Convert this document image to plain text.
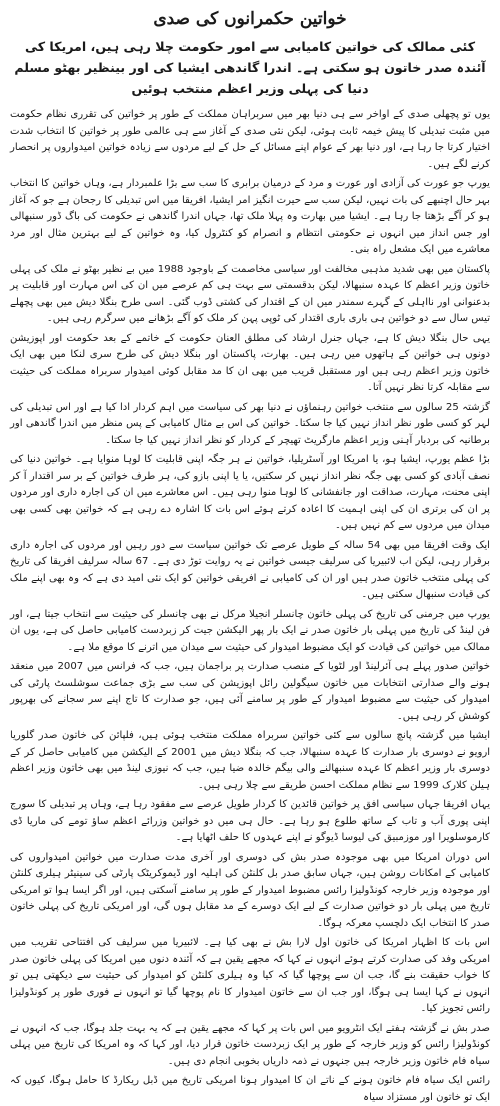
خواتین حکمرانوں کی صدی
کئی ممالک کی خواتین کامیابی سے امور حکومت چلا رہی ہیں، امریکا کی آئندہ صدر خاتون ہو سکتی ہے۔ اندرا گاندھی ایشیا کی اور بینظیر بھٹو مسلم دنیا کی پہلی وزیر اعظم منتخب ہوئیں

یوں تو پچھلی صدی کے اواخر سے ہی دنیا بھر میں سربراہان مملکت کے طور پر خواتین کی تقرری نظام حکومت میں مثبت تبدیلی کا پیش خیمہ ثابت ہوئی، لیکن نئی صدی کے آغاز سے ہی عالمی طور پر خواتین کا انتخاب شدت اختیار کرتا جا رہا ہے، اور دنیا بھر کے عوام اپنے مسائل کے حل کے لیے مردوں سے زیادہ خواتین امیدواروں پر انحصار کرنے لگے ہیں۔

یورپ جو عورت کی آزادی اور عورت و مرد کے درمیان برابری کا سب سے بڑا علمبردار ہے، وہاں خواتین کا انتخاب بہر حال اچنبھے کی بات نہیں، لیکن سب سے حیرت انگیز امر ایشیا، افریقا میں اس تبدیلی کا رجحان ہے جو کہ آغاز ہو کر آگے بڑھتا جا رہا ہے۔ ایشیا میں بھارت وہ پہلا ملک تھا، جہاں اندرا گاندھی نے حکومت کی باگ ڈور سنبھالی اور جس انداز میں انہوں نے حکومتی انتظام و انصرام کو کنٹرول کیا، وہ خواتین کے لیے بہترین مثال اور مرد معاشرے میں ایک مشعل راہ بنی۔

پاکستان میں بھی شدید مذہبی مخالفت اور سیاسی مخاصمت کے باوجود 1988 میں بے نظیر بھٹو نے ملک کی پہلی خاتون وزیر اعظم کا عہدہ سنبھالا، لیکن بدقسمتی سے بہت ہی کم عرصے میں ان کی اس مہارت اور قابلیت پر بدعنوانی اور نااہلی کے گہرے سمندر میں ان کے اقتدار کی کشتی ڈوب گئی۔ اسی طرح بنگلا دیش میں بھی پچھلے تیس سال سے دو خواتین ہی باری باری اقتدار کی ٹوپی پہن کر ملک کو آگے بڑھانے میں سرگرم رہی ہیں۔

یہی حال بنگلا دیش کا ہے، جہاں جنرل ارشاد کی مطلق العنان حکومت کے خاتمے کے بعد حکومت اور اپوزیشن دونوں ہی خواتین کے ہاتھوں میں رہی ہیں۔ بھارت، پاکستان اور بنگلا دیش کی طرح سری لنکا میں بھی ایک خاتون وزیر اعظم رہی ہیں اور مستقبل قریب میں بھی ان کا مد مقابل کوئی امیدوار سربراہ مملکت کی حیثیت سے مقابلہ کرتا نظر نہیں آتا۔

گزشتہ 25 سالوں سے منتخب خواتین رہنماؤں نے دنیا بھر کی سیاست میں اہم کردار ادا کیا ہے اور اس تبدیلی کی لہر کو کسی طور نظر انداز نہیں کیا جا سکتا۔ خواتین کی اس بے مثال کامیابی کے پس منظر میں اندرا گاندھی اور برطانیہ کی بردبار آہنی وزیر اعظم مارگریٹ تھیچر کے کردار کو نظر انداز نہیں کیا جا سکتا۔

بڑا عظم یورپ، ایشیا ہو، یا امریکا اور آسٹریلیا، خواتین نے ہر جگہ اپنی قابلیت کا لوہا منوایا ہے۔ خواتین دنیا کی نصف آبادی کو کسی بھی جگہ نظر انداز نہیں کر سکتیں، یا یا اپنی بازو کی، ہر طرف خواتین کے بر سر اقتدار آ کر اپنی محنت، مہارت، صداقت اور جانفشانی کا لوہا منوا رہی ہیں۔ اس معاشرے میں ان کی اجارہ داری اور مردوں پر ان کی برتری ان کی اپنی اہمیت کا اعادہ کرتے ہوئے اس بات کا اشارہ دے رہی ہے کہ خواتین بھی کسی بھی میدان میں مردوں سے کم نہیں ہیں۔

ایک وقت افریقا میں بھی 54 سالہ کے طویل عرصے تک خواتین سیاست سے دور رہیں اور مردوں کی اجارہ داری برقرار رہی، لیکن اب لائبیریا کی سرلیف جیسی خواتین نے یہ روایت توڑ دی ہے۔ 67 سالہ سرلیف افریقا کی تاریخ کی پہلی منتخب خاتون صدر ہیں اور ان کی کامیابی نے افریقی خواتین کو ایک نئی امید دی ہے کہ وہ بھی اپنے ملک کی قیادت سنبھال سکتی ہیں۔

یورپ میں جرمنی کی تاریخ کی پہلی خاتون چانسلر انجیلا مرکل نے بھی چانسلر کی حیثیت سے انتخاب جیتا ہے، اور فن لینڈ کی تاریخ میں پہلی بار خاتون صدر نے ایک بار پھر الیکشن جیت کر زبردست کامیابی حاصل کی ہے، یوں ان ممالک میں خواتین کی قیادت کو ایک مضبوط امیدوار کی حیثیت سے میدان میں اترنے کا موقع ملا ہے۔

خواتین صدور پہلے ہی آئرلینڈ اور لٹویا کے منصب صدارت پر براجمان ہیں، جب کہ فرانس میں 2007 میں منعقد ہونے والے صدارتی انتخابات میں خاتون سیگولین رائل اپوزیشن کی سب سے بڑی جماعت سوشلسٹ پارٹی کی امیدوار کی حیثیت سے مضبوط امیدوار کے طور پر سامنے آئی ہیں، جو صدارت کا تاج اپنے سر سجانے کی بھرپور کوشش کر رہی ہیں۔

ایشیا میں گزشتہ پانچ سالوں سے کئی خواتین سربراہ مملکت منتخب ہوئی ہیں، فلپائن کی خاتون صدر گلوریا ارویو نے دوسری بار صدارت کا عہدہ سنبھالا، جب کہ بنگلا دیش میں 2001 کے الیکشن میں کامیابی حاصل کر کے دوسری بار وزیر اعظم کا عہدہ سنبھالنے والی بیگم خالدہ ضیا ہیں، جب کہ نیوزی لینڈ میں بھی خاتون وزیر اعظم ہیلن کلارک 1999 سے نظام مملکت احسن طریقے سے چلا رہی ہیں۔

یہاں افریقا جہاں سیاسی افق پر خواتین قائدین کا کردار طویل عرصے سے مفقود رہا ہے، وہاں پر تبدیلی کا سورج اپنی پوری آب و تاب کے ساتھ طلوع ہو رہا ہے۔ حال ہی میں دو خواتین وزرائے اعظم ساؤ تومے کی ماریا ڈی کارموسلویرا اور موزمبیق کی لیوسا ڈیوگو نے اپنے عہدوں کا حلف اٹھایا ہے۔

اس دوران امریکا میں بھی موجودہ صدر بش کی دوسری اور آخری مدت صدارت میں خواتین امیدواروں کی کامیابی کے امکانات روشن ہیں، جہاں سابق صدر بل کلنٹن کی اہلیہ اور ڈیموکریٹک پارٹی کی سینیٹر ہیلری کلنٹن اور موجودہ وزیر خارجہ کونڈولیزا رائس مضبوط امیدوار کے طور پر سامنے آسکتی ہیں، اور اگر ایسا ہوا تو امریکی تاریخ میں پہلی بار دو خواتین صدارت کے لیے ایک دوسرے کے مد مقابل ہوں گی، اور امریکی تاریخ کی پہلی خاتون صدر کا انتخاب ایک دلچسپ معرکہ ہوگا۔

اس بات کا اظہار امریکا کی خاتون اول لارا بش نے بھی کیا ہے۔ لائبیریا میں سرلیف کی افتتاحی تقریب میں امریکی وفد کی صدارت کرتے ہوئے انہوں نے کہا کہ مجھے یقین ہے کہ آئندہ دنوں میں امریکا کی پہلی خاتون صدر کا خواب حقیقت بنے گا، جب ان سے پوچھا گیا کہ کیا وہ ہیلری کلنٹن کو امیدوار کی حیثیت سے دیکھتی ہیں تو انہوں نے کہا ایسا ہی ہوگا، اور جب ان سے خاتون امیدوار کا نام پوچھا گیا تو انہوں نے فوری طور پر کونڈولیزا رائس تجویز کیا۔

صدر بش نے گزشتہ ہفتے ایک انٹرویو میں اس بات پر کہا کہ مجھے یقین ہے کہ یہ بہت جلد ہوگا، جب کہ انہوں نے کونڈولیزا رائس کو وزیر خارجہ کے طور پر ایک زبردست خاتون قرار دیا، اور کہا کہ وہ امریکا کی تاریخ میں پہلی سیاہ فام خاتون وزیر خارجہ ہیں جنہوں نے ذمہ داریاں بخوبی انجام دی ہیں۔

رائس ایک سیاہ فام خاتون ہونے کے ناتے ان کا امیدوار ہونا امریکی تاریخ میں ڈبل ریکارڈ کا حامل ہوگا، کیوں کہ ایک تو خاتون اور مستزاد سیاہ
